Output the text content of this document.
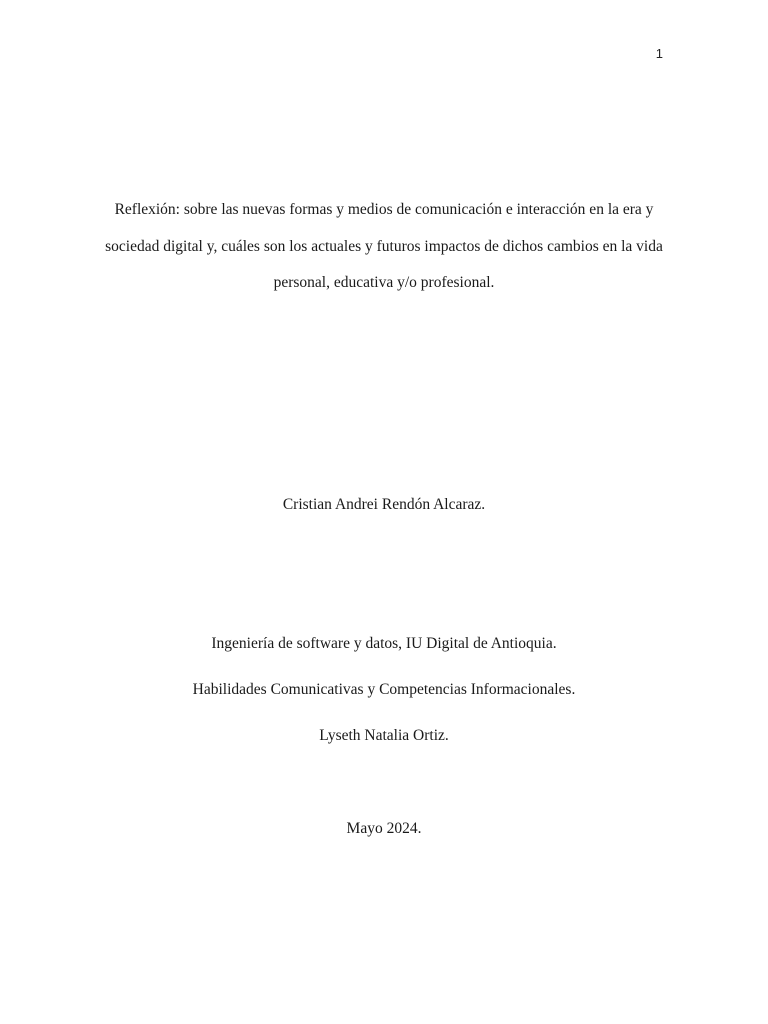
1
Reflexión: sobre las nuevas formas y medios de comunicación e interacción en la era y
sociedad digital y, cuáles son los actuales y futuros impactos de dichos cambios en la vida
personal, educativa y/o profesional.
Cristian Andrei Rendón Alcaraz.
Ingeniería de software y datos, IU Digital de Antioquia.
Habilidades Comunicativas y Competencias Informacionales.
Lyseth Natalia Ortiz.
Mayo 2024.
